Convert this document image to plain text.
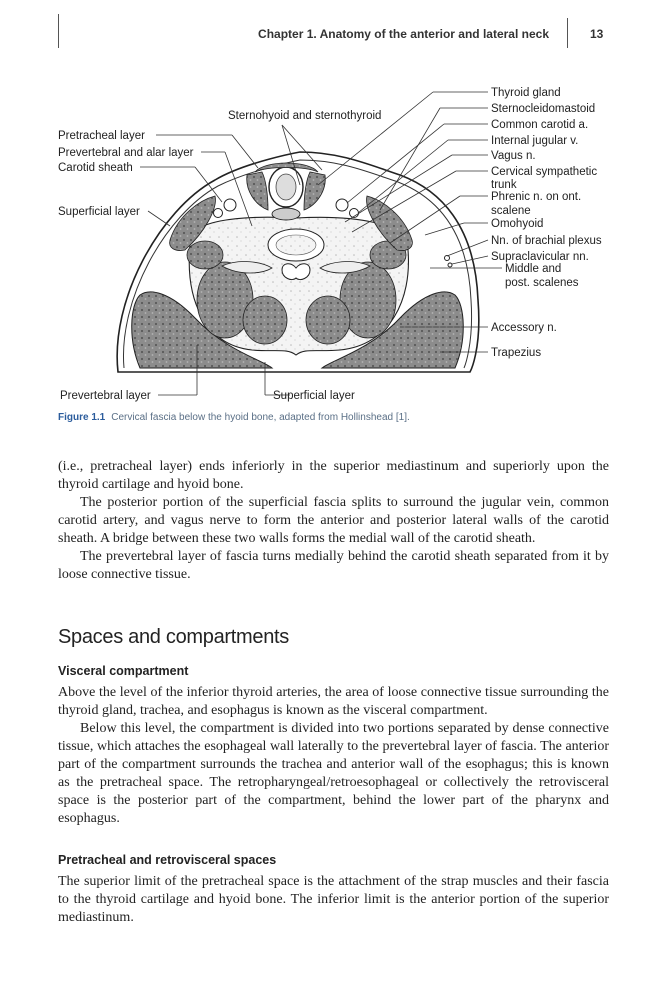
Chapter 1. Anatomy of the anterior and lateral neck	13
Sternohyoid and sternothyroid
Pretracheal layer
Prevertebral and alar layer
Carotid sheath
Superficial layer
Prevertebral layer	Superficial layer
Thyroid gland
Sternocleidomastoid
Common carotid a.
Internal jugular v.
Vagus n.
Cervical sympathetic
trunk
Phrenic n. on ont.
scalene
Omohyoid
Nn. of brachial plexus
Supraclavicular nn.
Middle and
post. scalenes
Accessory n.
Trapezius
Figure 1.1 Cervical fascia below the hyoid bone, adapted from Hollinshead [1].

(i.e., pretracheal layer) ends inferiorly in the superior mediastinum and superiorly upon the thyroid cartilage and hyoid bone.

The posterior portion of the superficial fascia splits to surround the jugular vein, common carotid artery, and vagus nerve to form the anterior and posterior lateral walls of the carotid sheath. A bridge between these two walls forms the medial wall of the carotid sheath.

The prevertebral layer of fascia turns medially behind the carotid sheath separated from it by loose connective tissue.

Spaces and compartments
Visceral compartment

Above the level of the inferior thyroid arteries, the area of loose connective tissue surrounding the thyroid gland, trachea, and esophagus is known as the visceral compartment.

Below this level, the compartment is divided into two portions separated by dense connective tissue, which attaches the esophageal wall laterally to the prevertebral layer of fascia. The anterior part of the compartment surrounds the trachea and anterior wall of the esophagus; this is known as the pretracheal space. The retropharyngeal/retroesophageal or collectively the retrovisceral space is the posterior part of the compartment, behind the lower part of the pharynx and esophagus.

Pretracheal and retrovisceral spaces

The superior limit of the pretracheal space is the attachment of the strap muscles and their fascia to the thyroid cartilage and hyoid bone. The inferior limit is the anterior portion of the superior mediastinum.
